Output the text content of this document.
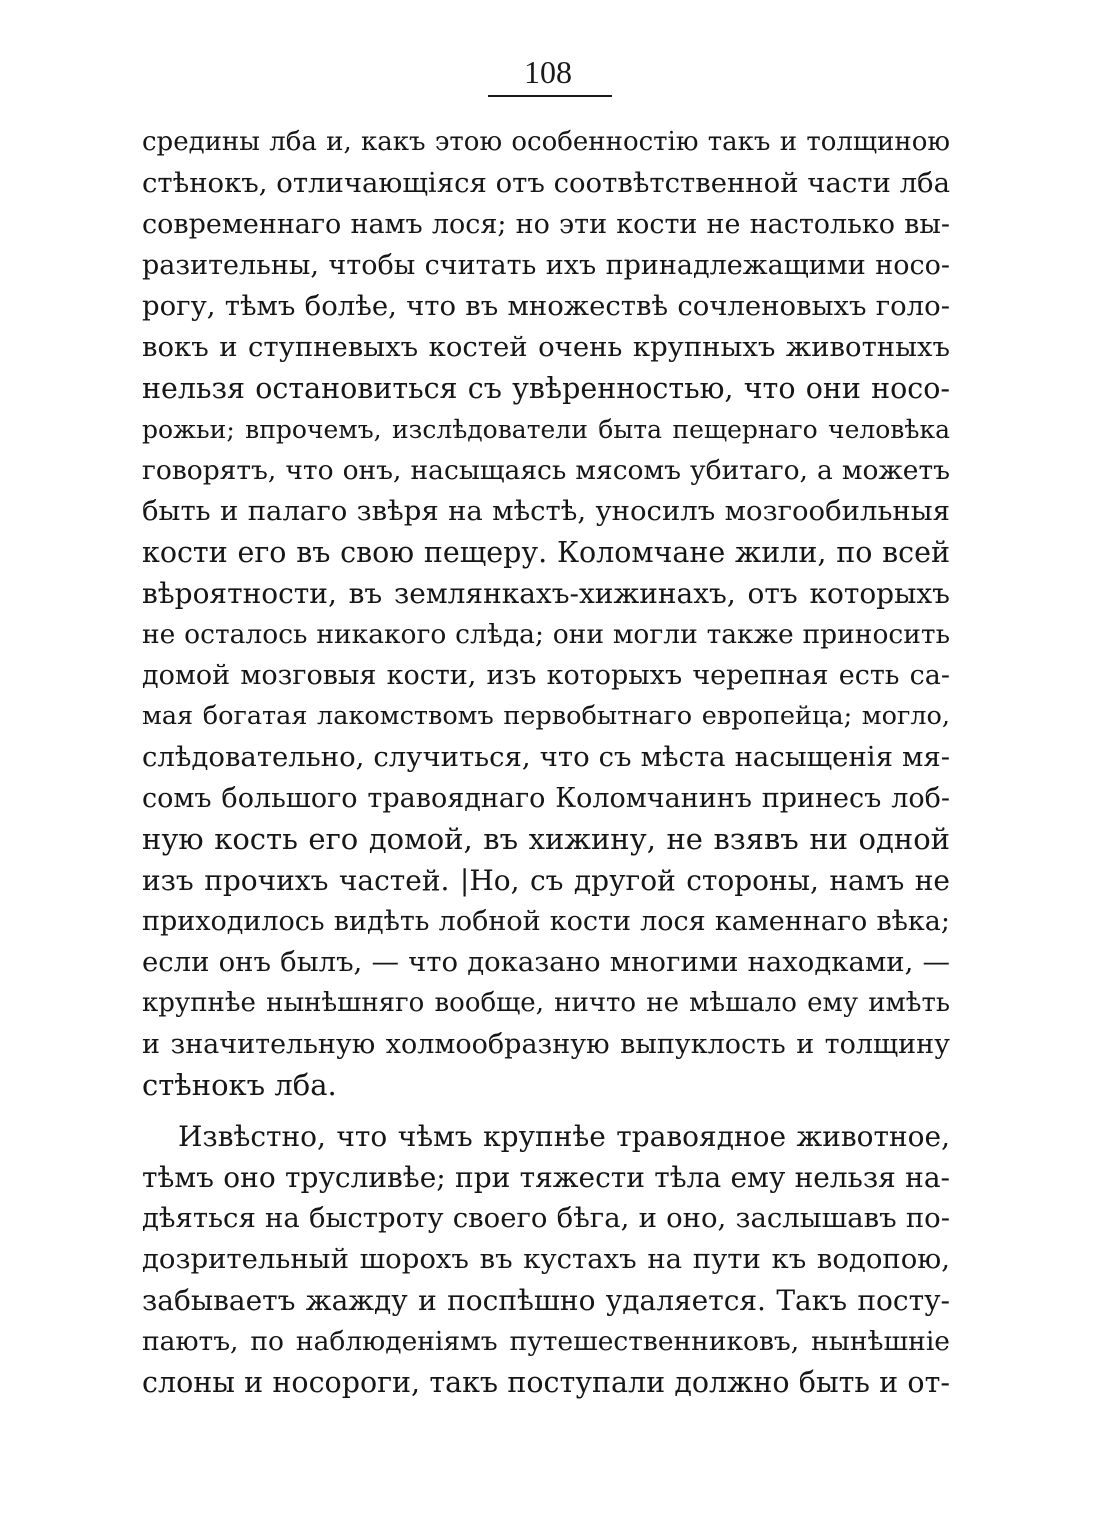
108
средины лба и, какъ этою особенностію такъ и толщиною
стѣнокъ, отличающіяся отъ соотвѣтственной части лба
современнаго намъ лося; но эти кости не настолько вы-
разительны, чтобы считать ихъ принадлежащими носо-
рогу, тѣмъ болѣе, что въ множествѣ сочленовыхъ голо-
вокъ и ступневыхъ костей очень крупныхъ животныхъ
нельзя остановиться съ увѣренностью, что они носо-
рожьи; впрочемъ, изслѣдователи быта пещернаго человѣка
говорятъ, что онъ, насыщаясь мясомъ убитаго, а можетъ
быть и палаго звѣря на мѣстѣ, уносилъ мозгообильныя
кости его въ свою пещеру. Коломчане жили, по всей
вѣроятности, въ землянкахъ-хижинахъ, отъ которыхъ
не осталось никакого слѣда; они могли также приносить
домой мозговыя кости, изъ которыхъ черепная есть са-
мая богатая лакомствомъ первобытнаго европейца; могло,
слѣдовательно, случиться, что съ мѣста насыщенія мя-
сомъ большого травояднаго Коломчанинъ принесъ лоб-
ную кость его домой, въ хижину, не взявъ ни одной
изъ прочихъ частей. |Но, съ другой стороны, намъ не
приходилось видѣть лобной кости лося каменнаго вѣка;
если онъ былъ, — что доказано многими находками, —
крупнѣе нынѣшняго вообще, ничто не мѣшало ему имѣть
и значительную холмообразную выпуклость и толщину
стѣнокъ лба.
Извѣстно, что чѣмъ крупнѣе травоядное животное,
тѣмъ оно трусливѣе; при тяжести тѣла ему нельзя на-
дѣяться на быстроту своего бѣга, и оно, заслышавъ по-
дозрительный шорохъ въ кустахъ на пути къ водопою,
забываетъ жажду и поспѣшно удаляется. Такъ посту-
паютъ, по наблюденіямъ путешественниковъ, нынѣшніе
слоны и носороги, такъ поступали должно быть и от-
